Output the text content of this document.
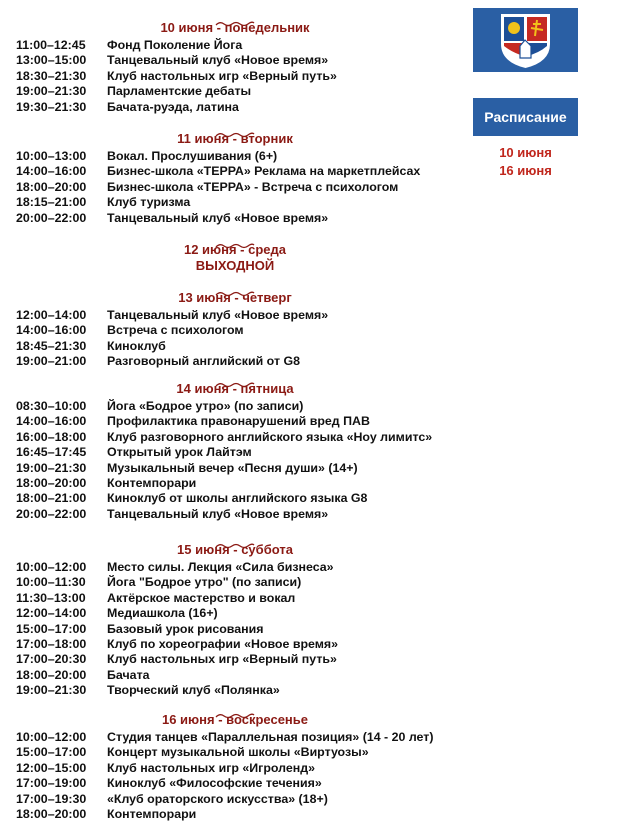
10 июня - понедельник
11:00–12:45	Фонд Поколение Йога
13:00–15:00	Танцевальный клуб «Новое время»
18:30–21:30	Клуб настольных игр «Верный путь»
19:00–21:30	Парламентские дебаты
19:30–21:30	Бачата-руэда, латина
11 июня - вторник
10:00–13:00	Вокал. Прослушивания (6+)
14:00–16:00	Бизнес-школа «ТЕРРА» Реклама на маркетплейсах
18:00–20:00	Бизнес-школа «ТЕРРА» - Встреча с психологом
18:15–21:00	Клуб туризма
20:00–22:00	Танцевальный клуб «Новое время»
12 июня - среда
ВЫХОДНОЙ
13 июня - четверг
12:00–14:00	Танцевальный клуб «Новое время»
14:00–16:00	Встреча с психологом
18:45–21:30	Киноклуб
19:00–21:00	Разговорный английский от G8
14 июня - пятница
08:30–10:00	Йога «Бодрое утро» (по записи)
14:00–16:00	Профилактика правонарушений вред ПАВ
16:00–18:00	Клуб разговорного английского языка «Ноу лимитс»
16:45–17:45	Открытый урок Лайтэм
19:00–21:30	Музыкальный вечер «Песня души» (14+)
18:00–20:00	Контемпорари
18:00–21:00	Киноклуб от школы английского языка G8
20:00–22:00	Танцевальный клуб «Новое время»
15 июня - суббота
10:00–12:00	Место силы. Лекция «Сила бизнеса»
10:00–11:30	Йога "Бодрое утро" (по записи)
11:30–13:00	Актёрское мастерство и вокал
12:00–14:00	Медиашкола (16+)
15:00–17:00	Базовый урок рисования
17:00–18:00	Клуб по хореографии «Новое время»
17:00–20:30	Клуб настольных игр «Верный путь»
18:00–20:00	Бачата
19:00–21:30	Творческий клуб «Полянка»
16 июня - воскресенье
10:00–12:00	Студия танцев «Параллельная позиция» (14 - 20 лет)
15:00–17:00	Концерт музыкальной школы «Виртуозы»
12:00–15:00	Клуб настольных игр «Игроленд»
17:00–19:00	Киноклуб «Философские течения»
17:00–19:30	«Клуб ораторского искусства» (18+)
18:00–20:00	Контемпорари
Расписание
10 июня
16 июня
